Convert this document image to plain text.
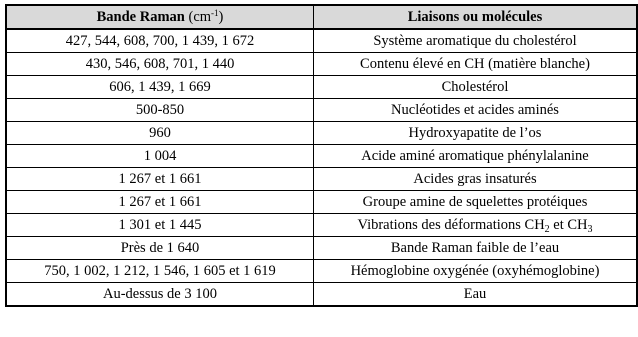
Bande Raman $(cm^{-1})$	Liaisons ou molécules
427, 544, 608, 700, 1 439, 1 672	Système aromatique du cholestérol
430, 546, 608, 701, 1 440	Contenu élevé en CH (matière blanche)
606, 1 439, 1 669	Cholestérol
500-850	Nucléotides et acides aminés
960	Hydroxyapatite de l’os
1 004	Acide aminé aromatique phénylalanine
1 267 et 1 661	Acides gras insaturés
1 267 et 1 661	Groupe amine de squelettes protéiques
1 301 et 1 445	Vibrations des déformations $CH_2$ et $CH_3$
Près de 1 640	Bande Raman faible de l’eau
750, 1 002, 1 212, 1 546, 1 605 et 1 619	Hémoglobine oxygénée (oxyhémoglobine)
Au-dessus de 3 100	Eau
